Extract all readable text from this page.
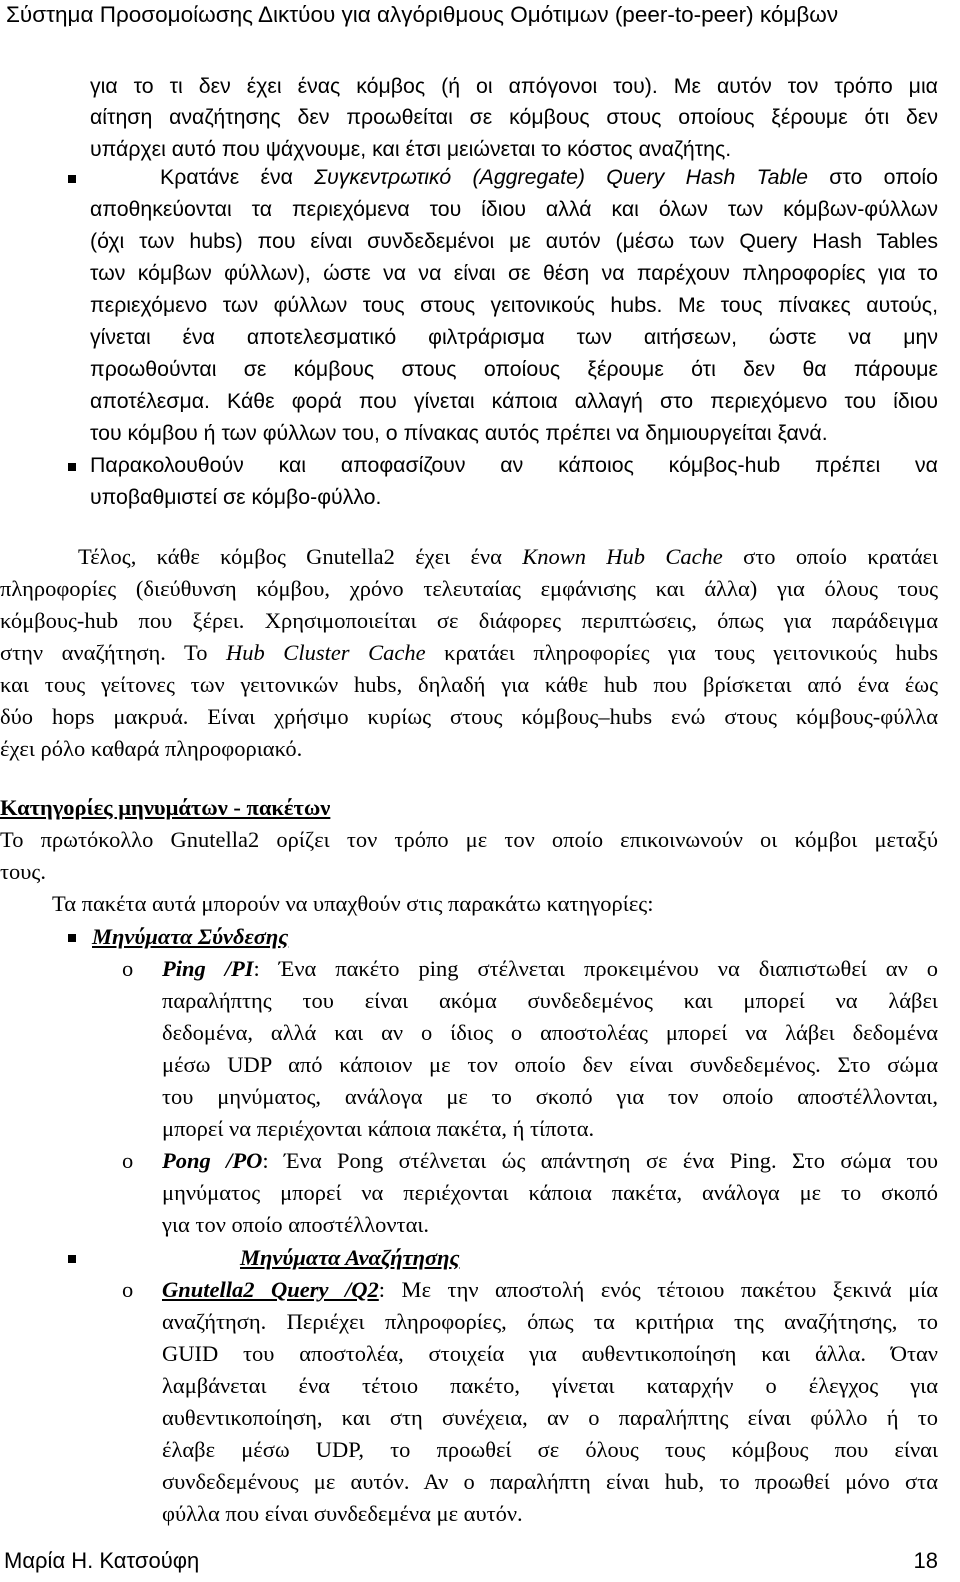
Σύστημα Προσομοίωσης Δικτύου για αλγόριθμους Ομότιμων (peer-to-peer) κόμβων
για το τι δεν έχει ένας κόμβος (ή οι απόγονοι του). Με αυτόν τον τρόπο μια
αίτηση αναζήτησης δεν προωθείται σε κόμβους στους οποίους ξέρουμε ότι δεν
υπάρχει αυτό που ψάχνουμε, και έτσι μειώνεται το κόστος αναζήτης.
Κρατάνε ένα Συγκεντρωτικό (Aggregate) Query Hash Table στο οποίο
αποθηκεύονται τα περιεχόμενα του ίδιου αλλά και όλων των κόμβων-φύλλων
(όχι των hubs) που είναι συνδεδεμένοι με αυτόν (μέσω των Query Hash Tables
των κόμβων φύλλων), ώστε να να είναι σε θέση να παρέχουν πληροφορίες για το
περιεχόμενο των φύλλων τους στους γειτονικούς hubs. Με τους πίνακες αυτούς,
γίνεται ένα αποτελεσματικό φιλτράρισμα των αιτήσεων, ώστε να μην
προωθούνται σε κόμβους στους οποίους ξέρουμε ότι δεν θα πάρουμε
αποτέλεσμα. Κάθε φορά που γίνεται κάποια αλλαγή στο περιεχόμενο του ίδιου
του κόμβου ή των φύλλων του, ο πίνακας αυτός πρέπει να δημιουργείται ξανά.
Παρακολουθούν και αποφασίζουν αν κάποιος κόμβος-hub πρέπει να
υποβαθμιστεί σε κόμβο-φύλλο.
Τέλος, κάθε κόμβος Gnutella2 έχει ένα Known Hub Cache στο οποίο κρατάει
πληροφορίες (διεύθυνση κόμβου, χρόνο τελευταίας εμφάνισης και άλλα) για όλους τους
κόμβους-hub που ξέρει. Χρησιμοποιείται σε διάφορες περιπτώσεις, όπως για παράδειγμα
στην αναζήτηση. Το Hub Cluster Cache κρατάει πληροφορίες για τους γειτονικούς hubs
και τους γείτονες των γειτονικών hubs, δηλαδή για κάθε hub που βρίσκεται από ένα έως
δύο hops μακρυά. Είναι χρήσιμο κυρίως στους κόμβους–hubs ενώ στους κόμβους-φύλλα
έχει ρόλο καθαρά πληροφοριακό.
Κατηγορίες μηνυμάτων - πακέτων
Το πρωτόκολλο Gnutella2 ορίζει τον τρόπο με τον οποίο επικοινωνούν οι κόμβοι μεταξύ
τους.
Τα πακέτα αυτά μπορούν να υπαχθούν στις παρακάτω κατηγορίες:
Μηνύματα Σύνδεσης
o Ping /PI: Ένα πακέτο ping στέλνεται προκειμένου να διαπιστωθεί αν ο
παραλήπτης του είναι ακόμα συνδεδεμένος και μπορεί να λάβει
δεδομένα, αλλά και αν ο ίδιος ο αποστολέας μπορεί να λάβει δεδομένα
μέσω UDP από κάποιον με τον οποίο δεν είναι συνδεδεμένος. Στο σώμα
του μηνύματος, ανάλογα με το σκοπό για τον οποίο αποστέλλονται,
μπορεί να περιέχονται κάποια πακέτα, ή τίποτα.
o Pong /PO: Ένα Pong στέλνεται ώς απάντηση σε ένα Ping. Στο σώμα του
μηνύματος μπορεί να περιέχονται κάποια πακέτα, ανάλογα με το σκοπό
για τον οποίο αποστέλλονται.
Μηνύματα Αναζήτησης
o Gnutella2 Query /Q2: Με την αποστολή ενός τέτοιου πακέτου ξεκινά μία
αναζήτηση. Περιέχει πληροφορίες, όπως τα κριτήρια της αναζήτησης, το
GUID του αποστολέα, στοιχεία για αυθεντικοποίηση και άλλα. Όταν
λαμβάνεται ένα τέτοιο πακέτο, γίνεται καταρχήν ο έλεγχος για
αυθεντικοποίηση, και στη συνέχεια, αν ο παραλήπτης είναι φύλλο ή το
έλαβε μέσω UDP, το προωθεί σε όλους τους κόμβους που είναι
συνδεδεμένους με αυτόν. Αν ο παραλήπτη είναι hub, το προωθεί μόνο στα
φύλλα που είναι συνδεδεμένα με αυτόν.
Μαρία Η. Κατσούφη	18
